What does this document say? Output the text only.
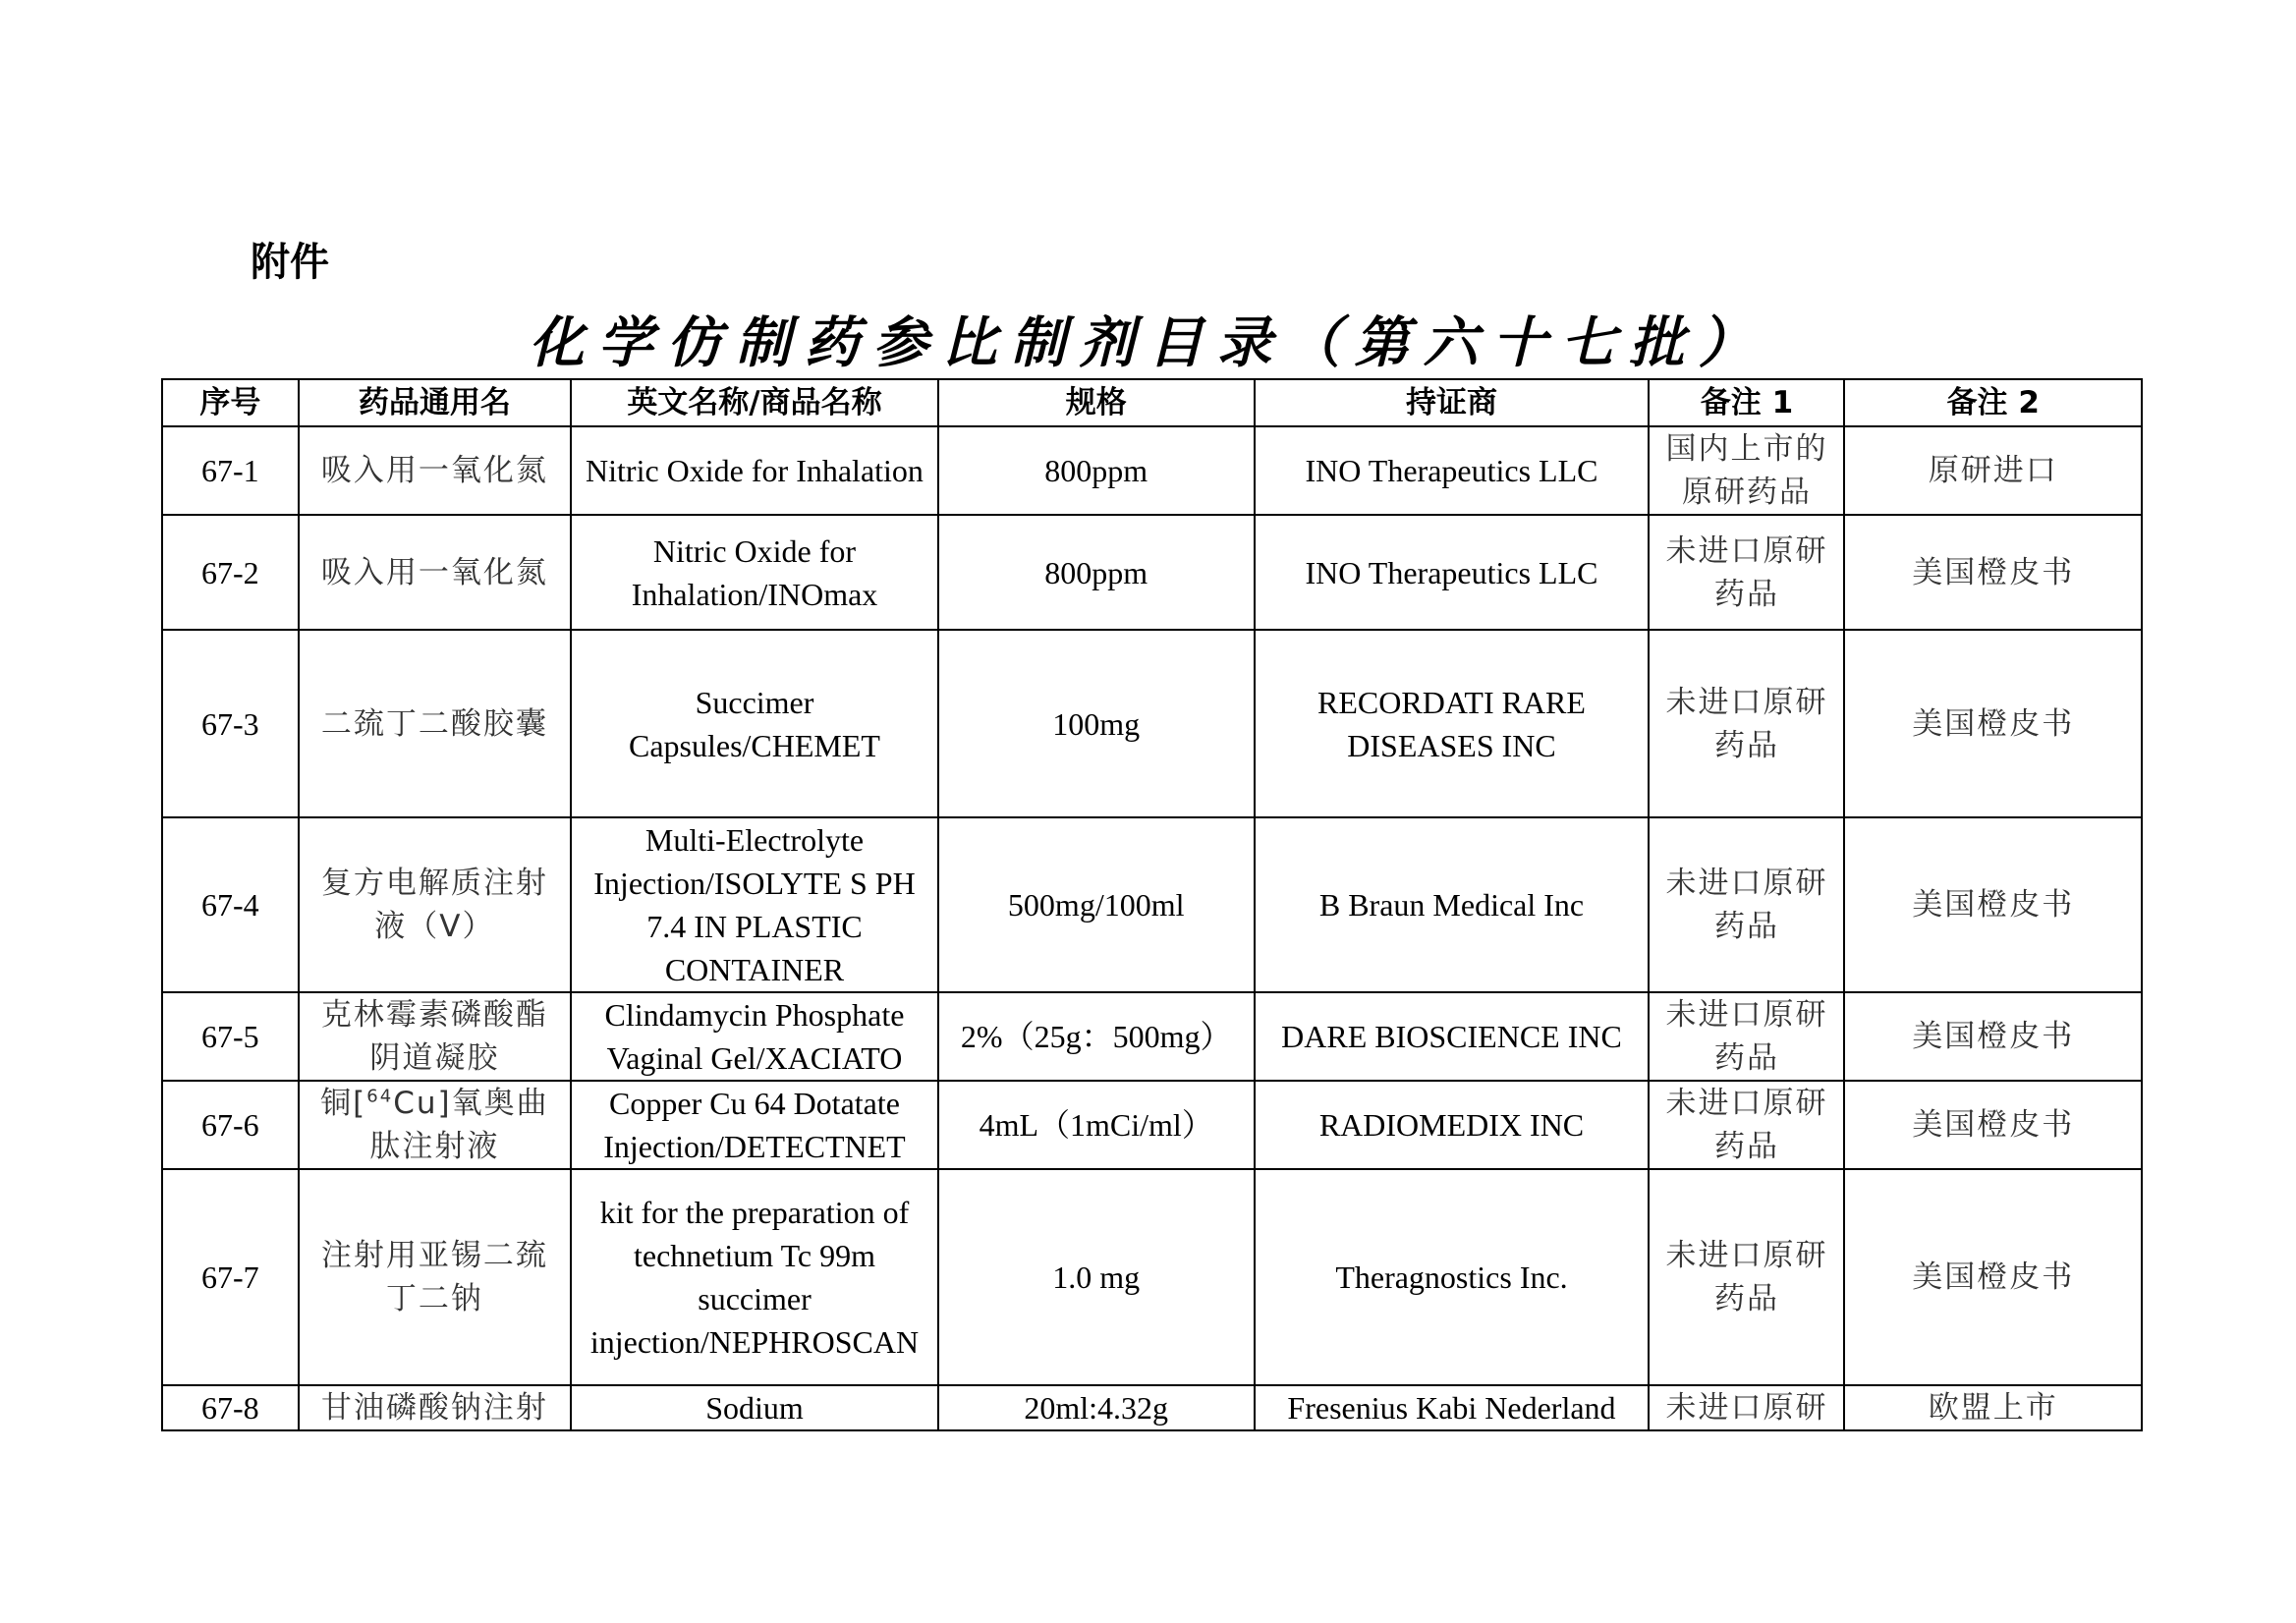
附件
化学仿制药参比制剂目录（第六十七批）
序号	药品通用名	英文名称/商品名称	规格	持证商	备注 1	备注 2
67-1	吸入用一氧化氮	Nitric Oxide for Inhalation	800ppm	INO Therapeutics LLC	国内上市的原研药品	原研进口
67-2	吸入用一氧化氮	Nitric Oxide for Inhalation/INOmax	800ppm	INO Therapeutics LLC	未进口原研药品	美国橙皮书
67-3	二巯丁二酸胶囊	Succimer Capsules/CHEMET	100mg	RECORDATI RARE DISEASES INC	未进口原研药品	美国橙皮书
67-4	复方电解质注射液（Ⅴ）	Multi-Electrolyte Injection/ISOLYTE S PH 7.4 IN PLASTIC CONTAINER	500mg/100ml	B Braun Medical Inc	未进口原研药品	美国橙皮书
67-5	克林霉素磷酸酯阴道凝胶	Clindamycin Phosphate Vaginal Gel/XACIATO	2%（25g：500mg）	DARE BIOSCIENCE INC	未进口原研药品	美国橙皮书
67-6	铜[$^{64}$Cu]氧奥曲肽注射液	Copper Cu 64 Dotatate Injection/DETECTNET	4mL（1mCi/ml）	RADIOMEDIX INC	未进口原研药品	美国橙皮书
67-7	注射用亚锡二巯丁二钠	kit for the preparation of technetium Tc 99m succimer injection/NEPHROSCAN	1.0 mg	Theragnostics Inc.	未进口原研药品	美国橙皮书
67-8	甘油磷酸钠注射	Sodium	20ml:4.32g	Fresenius Kabi Nederland	未进口原研	欧盟上市
